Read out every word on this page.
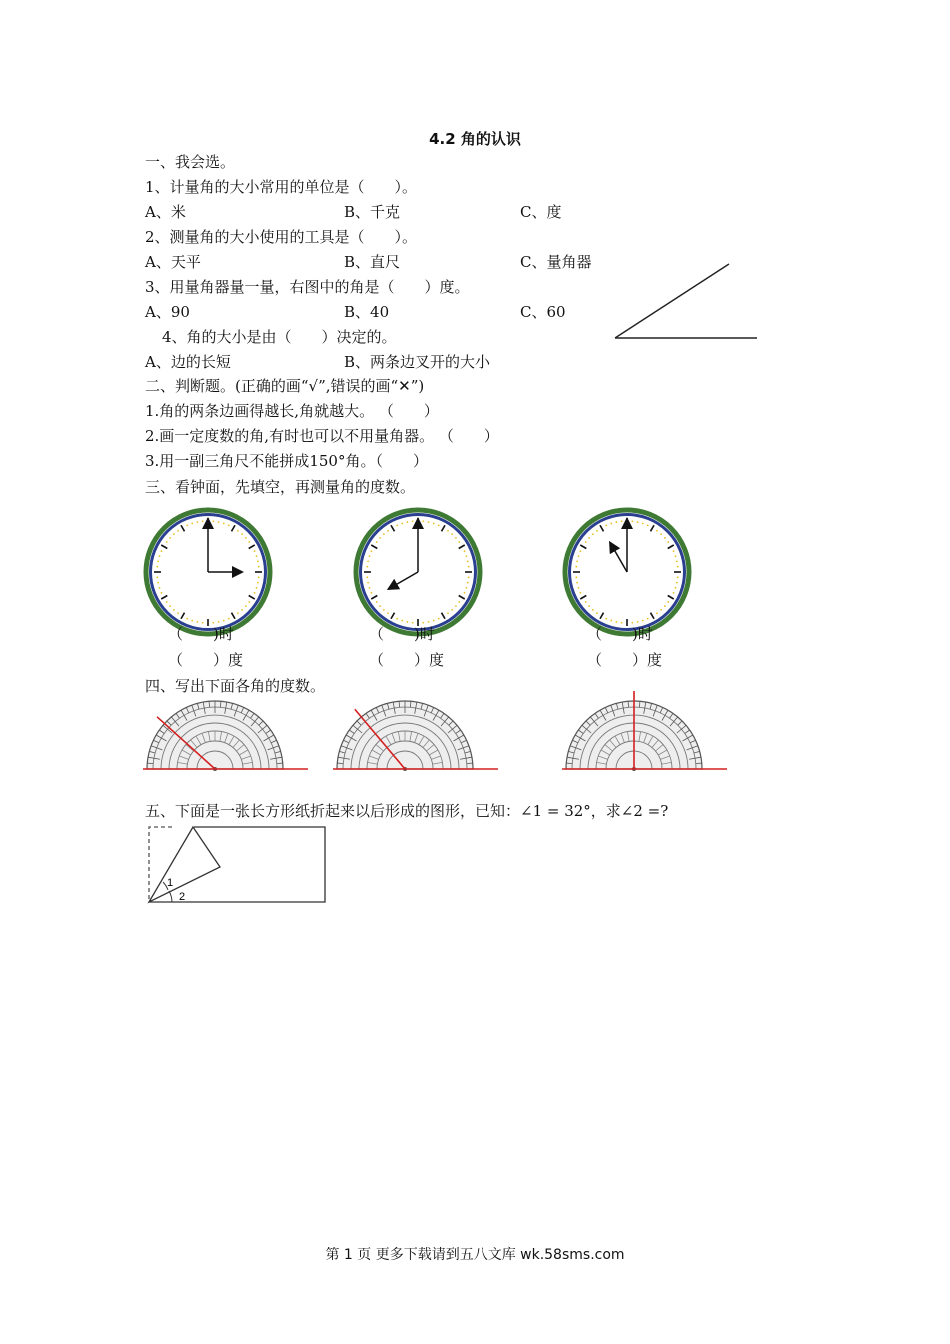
4.2 角的认识
一、我会选。
1、计量角的大小常用的单位是（　　）。
A、米	B、千克	C、度
2、测量角的大小使用的工具是（　　）。
A、天平	B、直尺	C、量角器
3、用量角器量一量，右图中的角是（　　）度。
A、90	B、40	C、60
4、角的大小是由（　　）决定的。
A、边的长短	B、两条边叉开的大小
二、判断题。(正确的画“√”,错误的画“✕”)
1.角的两条边画得越长,角就越大。 （　　）
2.画一定度数的角,有时也可以不用量角器。 （　　）
3.用一副三角尺不能拼成150°角。（　　）
三、看钟面，先填空，再测量角的度数。
（　　)时
（　　）度
（　　)时
（　　）度
（　　)时
（　　）度
四、写出下面各角的度数。
五、下面是一张长方形纸折起来以后形成的图形，已知：∠1 = 32°，求∠2 =?
1
2
第 1 页 更多下载请到五八文库 wk.58sms.com
